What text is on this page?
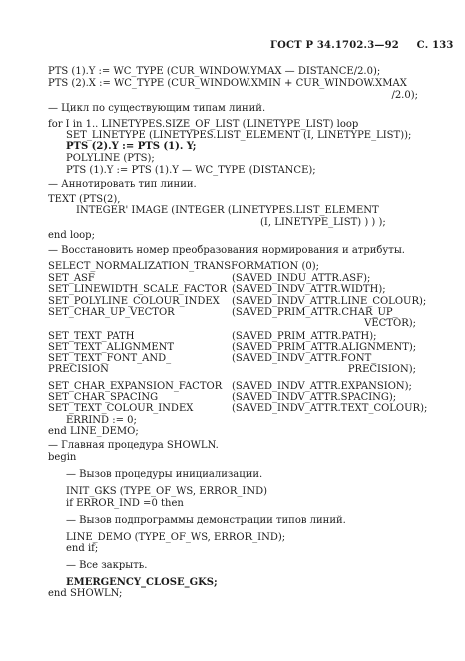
ГОСТ Р 34.1702.3—92 С. 133
PTS (1).Y := WC_TYPE (CUR_WINDOW.YMAX — DISTANCE/2.0);
PTS (2).X := WC_TYPE (CUR_WINDOW.XMIN + CUR_WINDOW.XMAX
/2.0);
— Цикл по существующим типам линий.
for I in 1.. LINETYPES.SIZE_OF_LIST (LINETYPE_LIST) loop
SET_LINETYPE (LINETYPES.LIST_ELEMENT (I, LINETYPE_LIST));
PTS (2).Y := PTS (1). Y;
POLYLINE (PTS);
PTS (1).Y := PTS (1).Y — WC_TYPE (DISTANCE);
— Аннотировать тип линии.
TEXT (PTS(2),
INTEGER' IMAGE (INTEGER (LINETYPES.LIST_ELEMENT
(I, LINETYPE_LIST) ) ) );
end loop;
— Восстановить номер преобразования нормирования и атрибуты.
SELECT_NORMALIZATION_TRANSFORMATION (0);
SET_ASF	(SAVED_INDU_ATTR.ASF);
SET_LINEWIDTH_SCALE_FACTOR (SAVED_INDV_ATTR.WIDTH);
SET_POLYLINE_COLOUR_INDEX (SAVED_INDV_ATTR.LINE_COLOUR);
SET_CHAR_UP_VECTOR	(SAVED_PRIM_ATTR.CHAR_UP_
VECTOR);
SET_TEXT_PATH	(SAVED_PRIM_ATTR.PATH);
SET_TEXT_ALIGNMENT	(SAVED_PRIM_ATTR.ALIGNMENT);
SET_TEXT_FONT_AND_	(SAVED_INDV_ATTR.FONT_
PRECISION	PRECISION);
SET_CHAR_EXPANSION_FACTOR (SAVED_INDV_ATTR.EXPANSION);
SET_CHAR_SPACING	(SAVED_INDV_ATTR.SPACING);
SET_TEXT_COLOUR_INDEX	(SAVED_INDV_ATTR.TEXT_COLOUR);
ERRIND := 0;
end LINE_DEMO;
— Главная процедура SHOWLN.
begin
— Вызов процедуры инициализации.
INIT_GKS (TYPE_OF_WS, ERROR_IND)
if ERROR_IND =0 then
— Вызов подпрограммы демонстрации типов линий.
LINE_DEMO (TYPE_OF_WS, ERROR_IND);
end if;
— Все закрыть.
EMERGENCY_CLOSE_GKS;
end SHOWLN;
